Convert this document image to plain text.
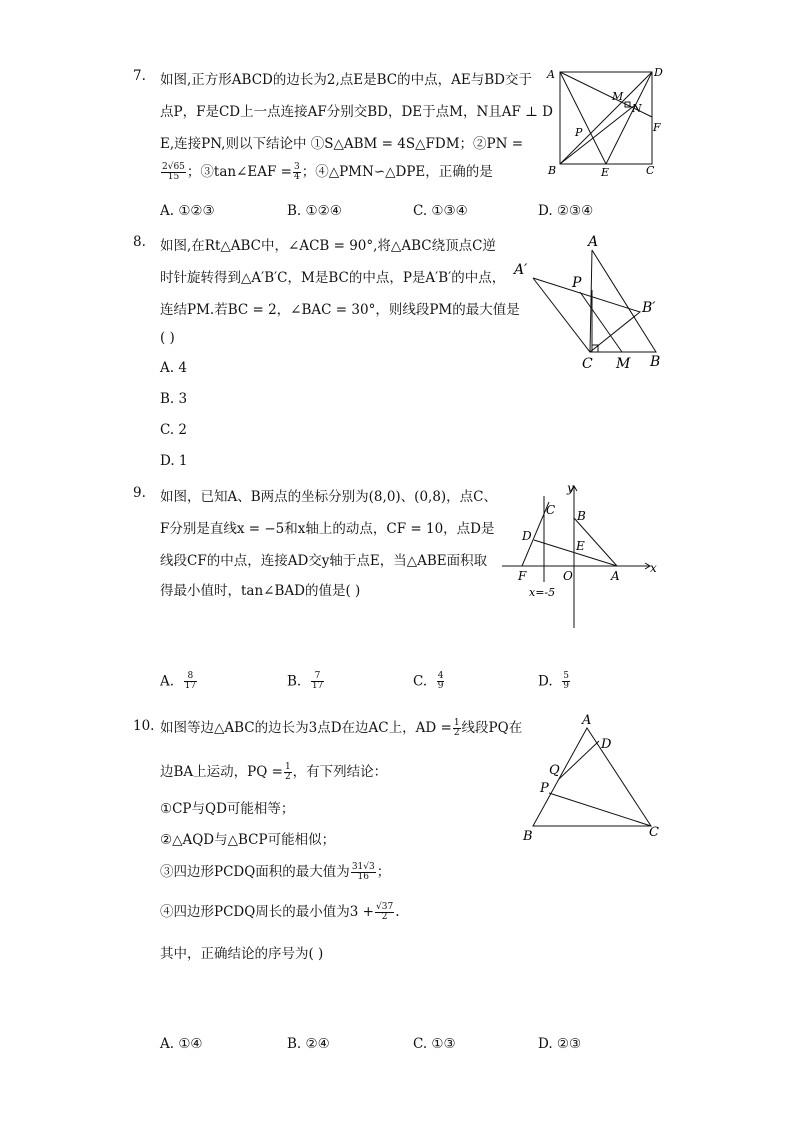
7. 如图,正方形ABCD的边长为2,点E是BC的中点，AE与BD交于
点P，F是CD上一点连接AF分别交BD，DE于点M，N且AF ⊥ D
E,连接PN,则以下结论中 ①S△ABM = 4S△FDM；②PN =
$\frac{2√65}{15}$ ；③tan∠EAF = $\frac{3}{4}$ ；④△PMN∽△DPE，正确的是
A. ①②③	B. ①②④	C. ①③④	D. ②③④
A	D
B	C
E
F
M
N
P
8. 如图,在Rt△ABC中，∠ACB = 90°,将△ABC绕顶点C逆
时针旋转得到△A′B′C，M是BC的中点，P是A′B′的中点，
连结PM.若BC = 2，∠BAC = 30°，则线段PM的最大值是
( )
A. 4
B. 3
C. 2
D. 1
A
A′
P
B′
C M B
9. 如图，已知A、B两点的坐标分别为(8,0)、(0,8)，点C、
F分别是直线x = −5和x轴上的动点，CF = 10，点D是
线段CF的中点，连接AD交y轴于点E，当△ABE面积取
得最小值时，tan∠BAD的值是( )
A. $\frac{8}{17}$	B. $\frac{7}{17}$	C. $\frac{4}{9}$	D. $\frac{5}{9}$
y
x
C B
D
E
F	O	A
x=-5
10. 如图等边△ABC的边长为3点D在边AC上，AD = $\frac{1}{2}$ 线段PQ在
边BA上运动，PQ = $\frac{1}{2}$ ，有下列结论：
①CP与QD可能相等；
②△AQD与△BCP可能相似；
③四边形PCDQ面积的最大值为 $\frac{31√3}{16}$ ；
④四边形PCDQ周长的最小值为$3 + \frac{√37}{2}$ .
其中，正确结论的序号为( )
A. ①④	B. ②④	C. ①③	D. ②③
A
D
Q
P
B	C
